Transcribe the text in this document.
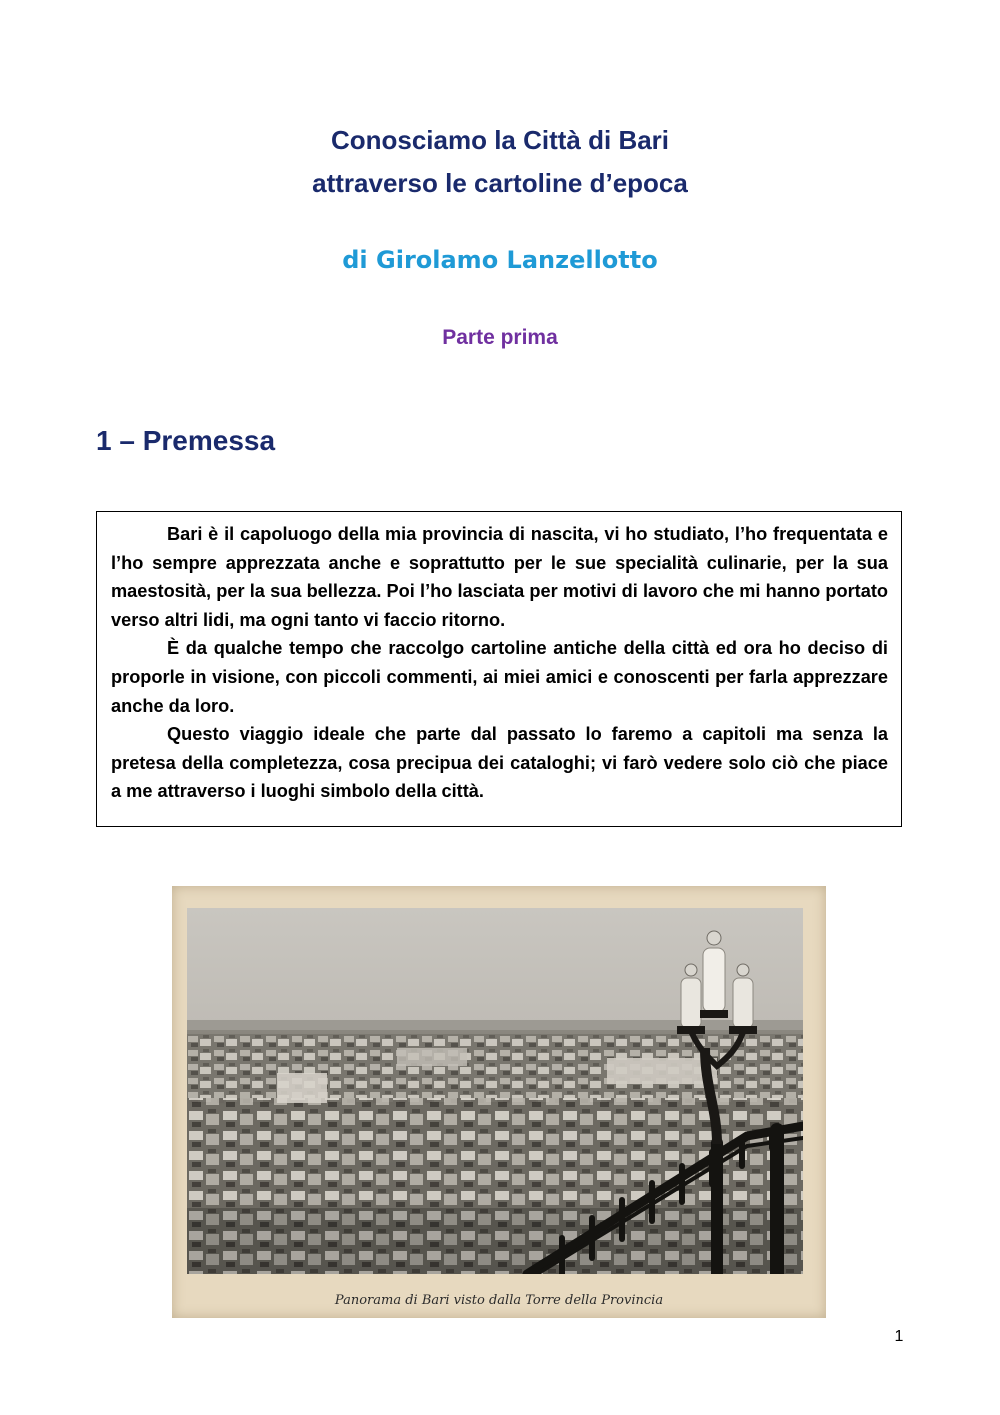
Conosciamo la Città di Bari
attraverso le cartoline d’epoca
di Girolamo Lanzellotto
Parte prima
1 – Premessa

Bari è il capoluogo della mia provincia di nascita, vi ho studiato, l’ho frequentata e l’ho sempre apprezzata anche e soprattutto per le sue specialità culinarie, per la sua maestosità, per la sua bellezza. Poi l’ho lasciata per motivi di lavoro che mi hanno portato verso altri lidi, ma ogni tanto vi faccio ritorno.

È da qualche tempo che raccolgo cartoline antiche della città ed ora ho deciso di proporle in visione, con piccoli commenti, ai miei amici e conoscenti per farla apprezzare anche da loro.

Questo viaggio ideale che parte dal passato lo faremo a capitoli ma senza la pretesa della completezza, cosa precipua dei cataloghi; vi farò vedere solo ciò che piace a me attraverso i luoghi simbolo della città.

Panorama di Bari visto dalla Torre della Provincia
1
